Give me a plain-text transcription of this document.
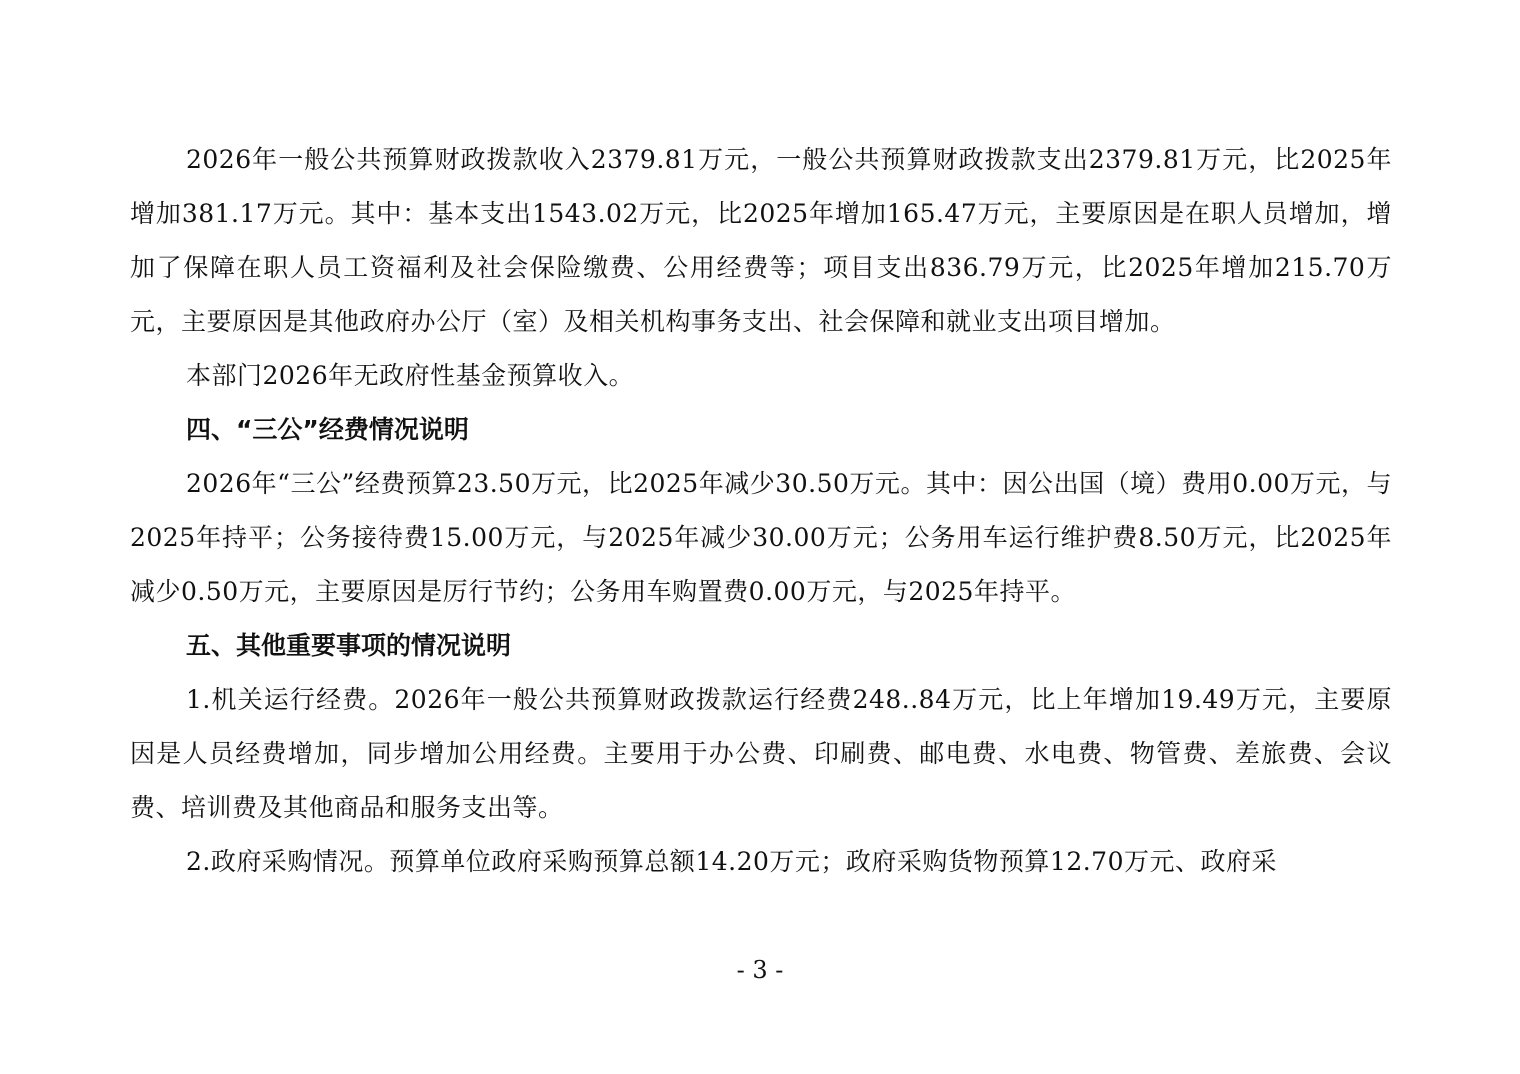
2026年一般公共预算财政拨款收入2379.81万元，一般公共预算财政拨款支出2379.81万元，比2025年增加381.17万元。其中：基本支出1543.02万元，比2025年增加165.47万元，主要原因是在职人员增加，增加了保障在职人员工资福利及社会保险缴费、公用经费等；项目支出836.79万元，比2025年增加215.70万元，主要原因是其他政府办公厅（室）及相关机构事务支出、社会保障和就业支出项目增加。

本部门2026年无政府性基金预算收入。

四、“三公”经费情况说明

2026年“三公”经费预算23.50万元，比2025年减少30.50万元。其中：因公出国（境）费用0.00万元，与2025年持平；公务接待费15.00万元，与2025年减少30.00万元；公务用车运行维护费8.50万元，比2025年减少0.50万元，主要原因是厉行节约；公务用车购置费0.00万元，与2025年持平。

五、其他重要事项的情况说明

1.机关运行经费。2026年一般公共预算财政拨款运行经费248..84万元，比上年增加19.49万元，主要原因是人员经费增加，同步增加公用经费。主要用于办公费、印刷费、邮电费、水电费、物管费、差旅费、会议费、培训费及其他商品和服务支出等。

2.政府采购情况。预算单位政府采购预算总额14.20万元；政府采购货物预算12.70万元、政府采

- 3 -
